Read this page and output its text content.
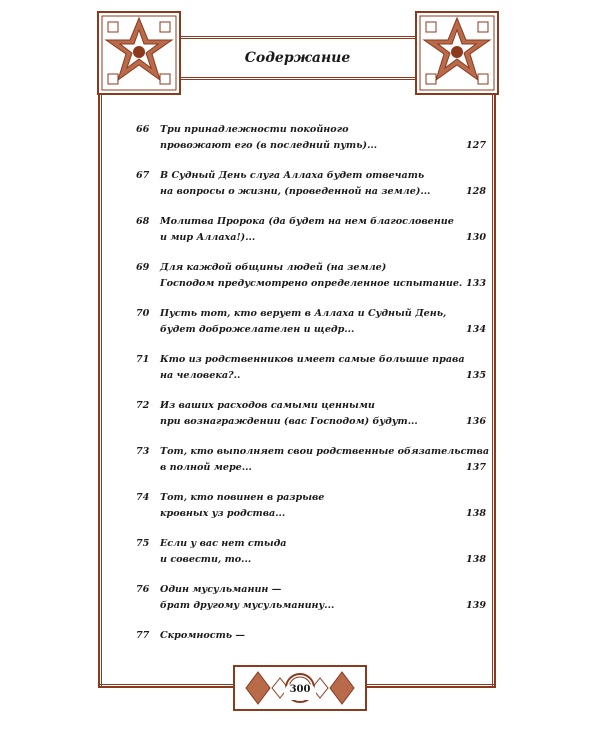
Содержание
66	Три принадлежности покойного
провожают его (в последний путь)...	127
67	В Судный День слуга Аллаха будет отвечать
на вопросы о жизни, (проведенной на земле)...	128
68	Молитва Пророка (да будет на нем благословение
и мир Аллаха!)...	130
69	Для каждой общины людей (на земле)
Господом предусмотрено определенное испытание. 133
70	Пусть тот, кто верует в Аллаха и Судный День,
будет доброжелателен и щедр...	134
71	Кто из родственников имеет самые большие права
на человека?..	135
72	Из ваших расходов самыми ценными
при вознаграждении (вас Господом) будут...	136
73	Тот, кто выполняет свои родственные обязательства
в полной мере...	137
74	Тот, кто повинен в разрыве
кровных уз родства...	138
75	Если у вас нет стыда
и совести, то...	138
76	Один мусульманин —
брат другому мусульманину...	139
77	Скромность —
300
